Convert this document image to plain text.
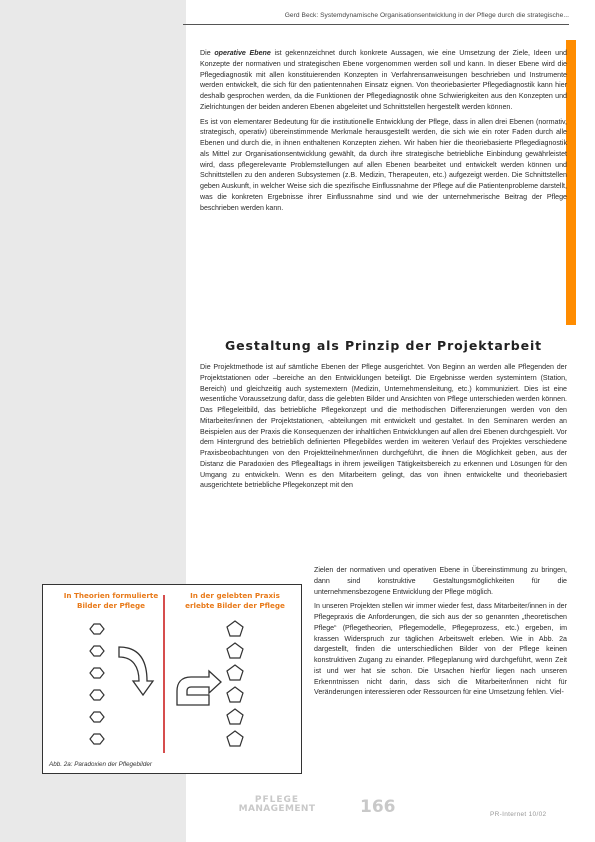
Gerd Beck: Systemdynamische Organisationsentwicklung in der Pflege durch die strategische...

Die operative Ebene ist gekennzeichnet durch konkrete Aussagen, wie eine Umsetzung der Ziele, Ideen und Konzepte der normativen und strategischen Ebene vorgenommen werden soll und kann. In dieser Ebene wird die Pflegediagnostik mit allen konstituierenden Konzepten in Verfahrensanweisungen beschrieben und Instrumente werden entwickelt, die sich für den patientennahen Einsatz eignen. Von theoriebasierter Pflegediagnostik kann hier deshalb gesprochen werden, da die Funktionen der Pflegediagnostik ohne Schwierigkeiten aus den Konzepten und Zielrichtungen der beiden anderen Ebenen abgeleitet und Schnittstellen hergestellt werden können.

Es ist von elementarer Bedeutung für die institutionelle Entwicklung der Pflege, dass in allen drei Ebenen (normativ, strategisch, operativ) übereinstimmende Merkmale herausgestellt werden, die sich wie ein roter Faden durch alle Ebenen und durch die, in ihnen enthaltenen Konzepten ziehen. Wir haben hier die theoriebasierte Pflegediagnostik als Mittel zur Organisationsentwicklung gewählt, da durch ihre strategische betriebliche Einbindung gewährleistet wird, dass pflegerelevante Problemstellungen auf allen Ebenen bearbeitet und entwickelt werden können und Schnittstellen zu den anderen Subsystemen (z.B. Medizin, Therapeuten, etc.) aufgezeigt werden. Die Schnittstellen geben Auskunft, in welcher Weise sich die spezifische Einflussnahme der Pflege auf die Patientenprobleme darstellt, was die konkreten Ergebnisse ihrer Einflussnahme sind und wie der unternehmerische Beitrag der Pflege beschrieben werden kann.

Gestaltung als Prinzip der Projektarbeit

Die Projektmethode ist auf sämtliche Ebenen der Pflege ausgerichtet. Von Beginn an werden alle Pflegenden der Projektstationen oder –bereiche an den Entwicklungen beteiligt. Die Ergebnisse werden systemintern (Station, Bereich) und gleichzeitig auch systemextern (Medizin, Unternehmensleitung, etc.) kommuniziert. Dies ist eine wesentliche Voraussetzung dafür, dass die gelebten Bilder und Ansichten von Pflege unterschieden werden können. Das Pflegeleitbild, das betriebliche Pflegekonzept und die methodischen Differenzierungen werden von den Mitarbeiter/innen der Projektstationen, -abteilungen mit entwickelt und gestaltet. In den Seminaren werden an Beispielen aus der Praxis die Konsequenzen der inhaltlichen Entwicklungen auf allen drei Ebenen durchgespielt. Vor dem Hintergrund des betrieblich definierten Pflegebildes werden im weiteren Verlauf des Projektes verschiedene Praxisbeobachtungen von den Projektteilnehmer/innen durchgeführt, die ihnen die Möglichkeit geben, aus der Distanz die Paradoxien des Pflegealltags in ihrem jeweiligen Tätigkeitsbereich zu erkennen und Lösungen für den Umgang zu entwickeln. Wenn es den Mitarbeitern gelingt, das von ihnen entwickelte und theoriebasiert ausgerichtete betriebliche Pflegekonzept mit den

Zielen der normativen und operativen Ebene in Übereinstimmung zu bringen, dann sind konstruktive Gestaltungsmöglichkeiten für die unternehmensbezogene Entwicklung der Pflege möglich.

In unseren Projekten stellen wir immer wieder fest, dass Mitarbeiter/innen in der Pflegepraxis die Anforderungen, die sich aus der so genannten „theoretischen Pflege“ (Pflegetheorien, Pflegemodelle, Pflegeprozess, etc.) ergeben, im krassen Widerspruch zur täglichen Arbeitswelt erleben. Wie in Abb. 2a dargestellt, finden die unterschiedlichen Bilder von der Pflege keinen konstruktiven Zugang zu einander. Pflegeplanung wird durchgeführt, wenn Zeit ist und wer hat sie schon. Die Ursachen hierfür liegen nach unseren Erkenntnissen nicht darin, dass sich die Mitarbeiter/innen nicht für Veränderungen interessieren oder Ressourcen für eine Umsetzung fehlen. Viel-

In Theorien formulierte Bilder der Pflege
In der gelebten Praxis erlebte Bilder der Pflege
Abb. 2a: Paradoxien der Pflegebilder
PFLEGE
MANAGEMENT	166	PR-Internet 10/02
